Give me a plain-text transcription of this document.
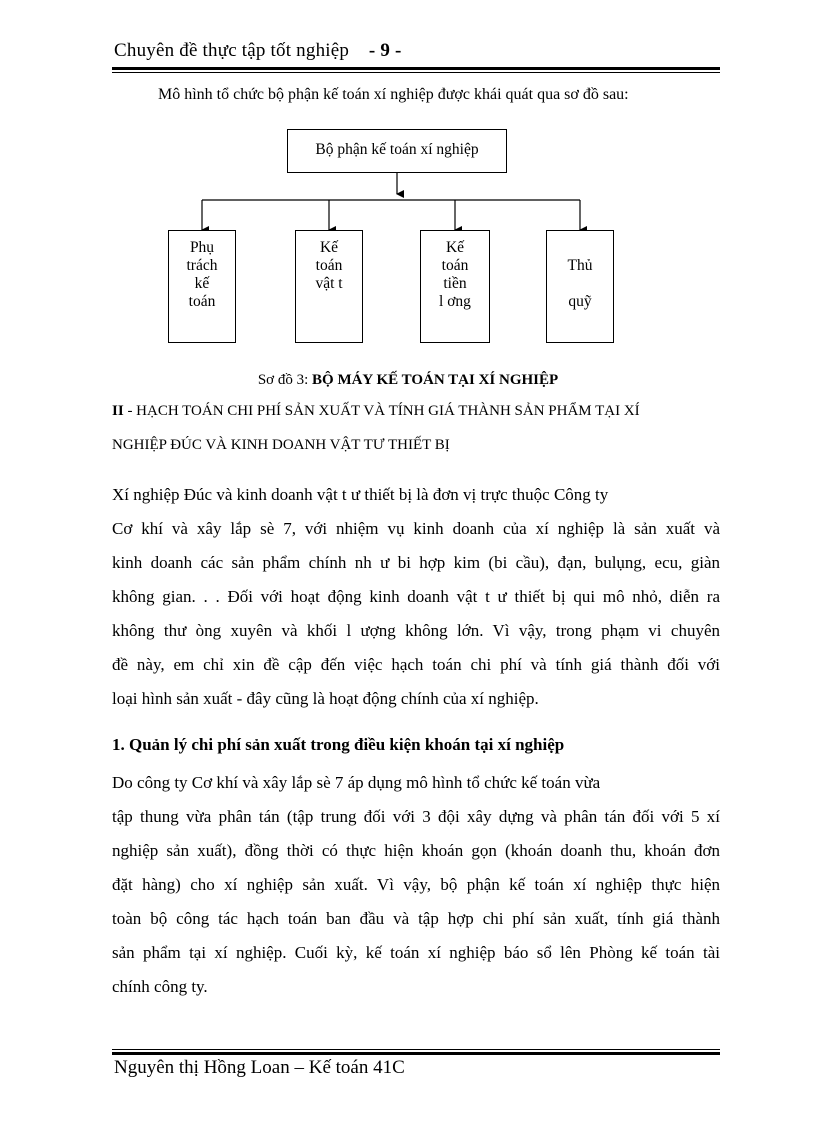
Chuyên đề thực tập tốt nghiệp - 9 -
Mô hình tổ chức bộ phận kế toán xí nghiệp được khái quát qua sơ đồ sau:
Bộ phận kế toán xí nghiệp
Phụ
trách
kế
toán
Kế
toán
vật t
Kế
toán
tiền
l ơng
Thủ

quỹ
Sơ đồ 3: BỘ MÁY KẾ TOÁN TẠI XÍ NGHIỆP
II - HẠCH TOÁN CHI PHÍ SẢN XUẤT VÀ TÍNH GIÁ THÀNH SẢN PHẨM TẠI XÍ
NGHIỆP ĐÚC VÀ KINH DOANH VẬT TƯ THIẾT BỊ
Xí nghiệp Đúc và kinh doanh vật t ư thiết bị là đơn vị trực thuộc Công ty
Cơ khí và xây lắp sè 7, với nhiệm vụ kinh doanh của xí nghiệp là sản xuất và
kinh doanh các sản phẩm chính nh ư bi hợp kim (bi cầu), đạn, bulụng, ecu, giàn
không gian. . . Đối với hoạt động kinh doanh vật t ư thiết bị qui mô nhỏ, diễn ra
không thư òng xuyên và khối l ượng không lớn. Vì vậy, trong phạm vi chuyên
đề này, em chỉ xin đề cập đến việc hạch toán chi phí và tính giá thành đối với
loại hình sản xuất - đây cũng là hoạt động chính của xí nghiệp.
1. Quản lý chi phí sản xuất trong điều kiện khoán tại xí nghiệp
Do công ty Cơ khí và xây lắp sè 7 áp dụng mô hình tổ chức kế toán vừa
tập thung vừa phân tán (tập trung đối với 3 đội xây dựng và phân tán đối với 5 xí
nghiệp sản xuất), đồng thời có thực hiện khoán gọn (khoán doanh thu, khoán đơn
đặt hàng) cho xí nghiệp sản xuất. Vì vậy, bộ phận kế toán xí nghiệp thực hiện
toàn bộ công tác hạch toán ban đầu và tập hợp chi phí sản xuất, tính giá thành
sản phẩm tại xí nghiệp. Cuối kỳ, kế toán xí nghiệp báo sổ lên Phòng kế toán tài
chính công ty.
Nguyên thị Hồng Loan – Kế toán 41C
